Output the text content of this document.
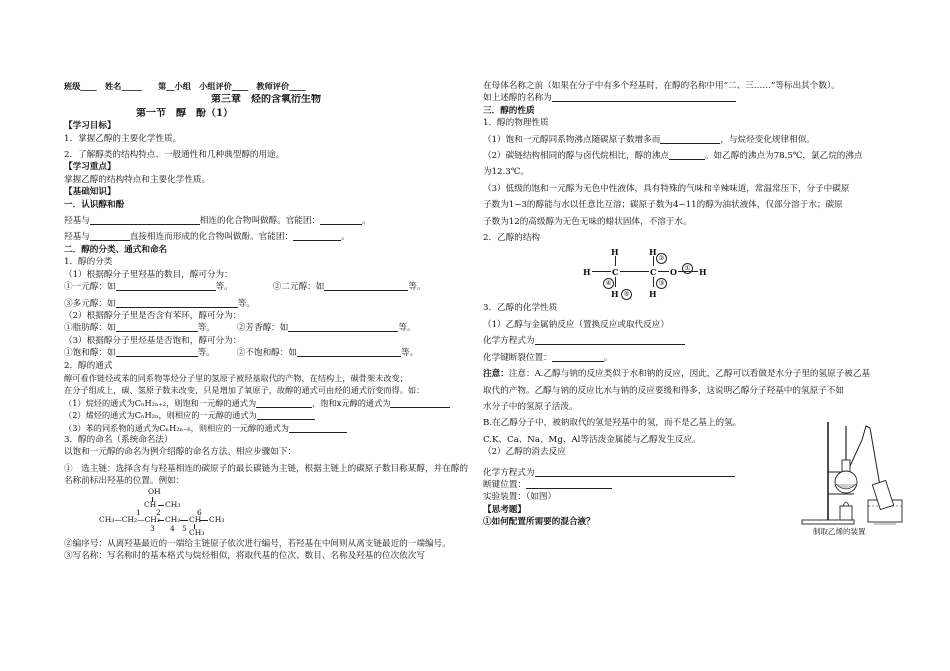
班级____　姓名_____　　第__小组　小组评价____　教师评价____
第三章　烃的含氧衍生物
第一节　醇　酚（1）
【学习目标】
1．掌握乙醇的主要化学性质。
2．了解醇类的结构特点、一般通性和几种典型醇的用途。
【学习重点】
掌握乙醇的结构特点和主要化学性质。
【基础知识】
一．认识醇和酚
羟基与	相连的化合物叫做醇。官能团：	。
羟基与	直接相连而形成的化合物叫做酚。官能团：	。
二．醇的分类、通式和命名
1．醇的分类
（1）根据醇分子里羟基的数目，醇可分为：
①一元醇：如	等。	②二元醇：如	等。
③多元醇：如	等。
（2）根据醇分子里是否含有苯环，醇可分为：
①脂肪醇：如	等。	②芳香醇：如	等。
（3）根据醇分子里烃基是否饱和，醇可分为：
①饱和醇：如	等。	②不饱和醇：如	等。
2．醇的通式
醇可看作链烃或苯的同系物等烃分子里的氢原子被羟基取代的产物，在结构上，碳骨架未改变；
在分子组成上，碳、氢原子数未改变，只是增加了氧原子，故醇的通式可由烃的通式衍变而得。如：
（1）烷烃的通式为CₙH₂ₙ₊₂，则饱和一元醇的通式为	，饱和x元醇的通式为
（2）烯烃的通式为CₙH₂ₙ，则相应的一元醇的通式为
（3）苯的同系物的通式为CₙH₂ₙ₋₆，则相应的一元醇的通式为
3．醇的命名（系统命名法）
以饱和一元醇的命名为例介绍醇的命名方法。相应步骤如下：
①　选主链：选择含有与羟基相连的碳原子的最长碳链为主链，根据主链上的碳原子数目称某醇，并在醇的名称前标出羟基的位置。例如：
OH
CH CH₃
2
1	6
CH₃—CH₂—CH₂ CH₂ CH CH₃
3 4 5 CH₃
②编序号：从离羟基最近的一端给主链原子依次进行编号，若羟基在中间则从离支链最近的一端编号。
③写名称：写名称时的基本格式与烷烃相似，将取代基的位次、数目、名称及羟基的位次依次写
在母体名称之前（如果在分子中有多个羟基时，在醇的名称中用“二、三……”等标出其个数）。
如上述醇的名称为
三．醇的性质
1．醇的物理性质
（1）饱和一元醇同系物沸点随碳原子数增多而	，与烷烃变化规律相似。
（2）碳链结构相同的醇与卤代烷相比，醇的沸点	。如乙醇的沸点为78.5℃，氯乙烷的沸点
为12.3℃。
（3）低级的饱和一元醇为无色中性液体，具有特殊的气味和辛辣味道，常温常压下，分子中碳原
子数为1~3的醇能与水以任意比互溶；碳原子数为4~11的醇为油状液体，仅部分溶于水；碳原
子数为12的高级醇为无色无味的蜡状固体，不溶于水。
2．乙醇的结构
H	H
②
H	C	C O	①	H
④	③
H ⑤	H
3．乙醇的化学性质
（1）乙醇与金属钠反应（置换反应或取代反应）
化学方程式为
化学键断裂位置：	。
注意：注意：A.乙醇与钠的反应类似于水和钠的反应，因此，乙醇可以看做是水分子里的氢原子被乙基
取代的产物。乙醇与钠的反应比水与钠的反应要缓和得多，这说明乙醇分子羟基中的氢原子不如
水分子中的氢原子活泼。
B.在乙醇分子中，被钠取代的氢是羟基中的氢，而不是乙基上的氢。
C.K、Ca、Na、Mg、Al等活泼金属能与乙醇发生反应。
（2）乙醇的消去反应
化学方程式为
断键位置：
实验装置：（如图）
【思考题】
①如何配置所需要的混合液？
制取乙烯的装置
